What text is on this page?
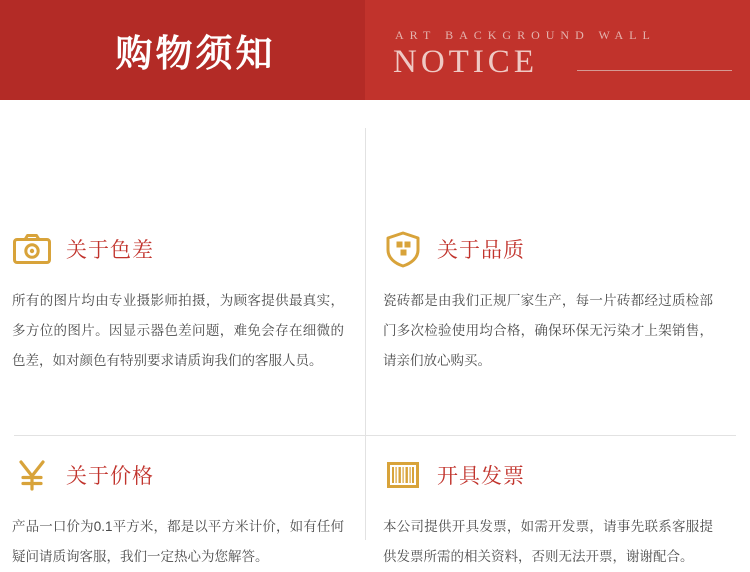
购物须知	ART BACKGROUND WALL
NOTICE
关于色差
所有的图片均由专业摄影师拍摄，为顾客提供最真实，多方位的图片。因显示器色差问题，难免会存在细微的色差，如对颜色有特别要求请质询我们的客服人员。
关于品质
瓷砖都是由我们正规厂家生产，每一片砖都经过质检部门多次检验使用均合格，确保环保无污染才上架销售，请亲们放心购买。
关于价格
产品一口价为0.1平方米，都是以平方米计价，如有任何疑问请质询客服，我们一定热心为您解答。
开具发票
本公司提供开具发票，如需开发票，请事先联系客服提供发票所需的相关资料，否则无法开票，谢谢配合。
